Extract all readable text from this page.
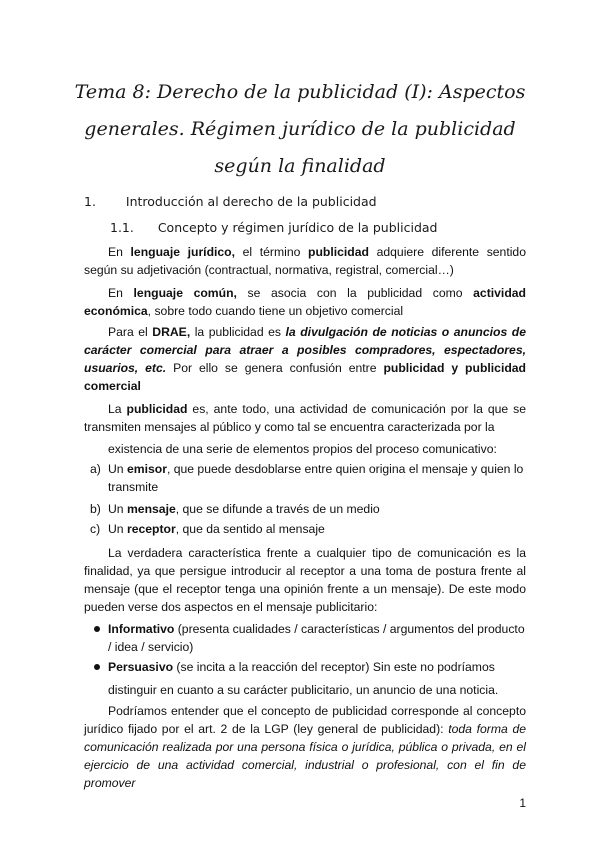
Tema 8: Derecho de la publicidad (I): Aspectos generales. Régimen jurídico de la publicidad según la finalidad
1. Introducción al derecho de la publicidad
1.1. Concepto y régimen jurídico de la publicidad
En lenguaje jurídico, el término publicidad adquiere diferente sentido según su adjetivación (contractual, normativa, registral, comercial…)
En lenguaje común, se asocia con la publicidad como actividad económica, sobre todo cuando tiene un objetivo comercial
Para el DRAE, la publicidad es la divulgación de noticias o anuncios de carácter comercial para atraer a posibles compradores, espectadores, usuarios, etc. Por ello se genera confusión entre publicidad y publicidad comercial
La publicidad es, ante todo, una actividad de comunicación por la que se transmiten mensajes al público y como tal se encuentra caracterizada por la
existencia de una serie de elementos propios del proceso comunicativo:
a) Un emisor, que puede desdoblarse entre quien origina el mensaje y quien lo transmite
b) Un mensaje, que se difunde a través de un medio
c) Un receptor, que da sentido al mensaje
La verdadera característica frente a cualquier tipo de comunicación es la finalidad, ya que persigue introducir al receptor a una toma de postura frente al mensaje (que el receptor tenga una opinión frente a un mensaje). De este modo pueden verse dos aspectos en el mensaje publicitario:
Informativo (presenta cualidades / características / argumentos del producto / idea / servicio)
Persuasivo (se incita a la reacción del receptor) Sin este no podríamos
distinguir en cuanto a su carácter publicitario, un anuncio de una noticia.
Podríamos entender que el concepto de publicidad corresponde al concepto jurídico fijado por el art. 2 de la LGP (ley general de publicidad): toda forma de comunicación realizada por una persona física o jurídica, pública o privada, en el ejercicio de una actividad comercial, industrial o profesional, con el fin de promover
1
